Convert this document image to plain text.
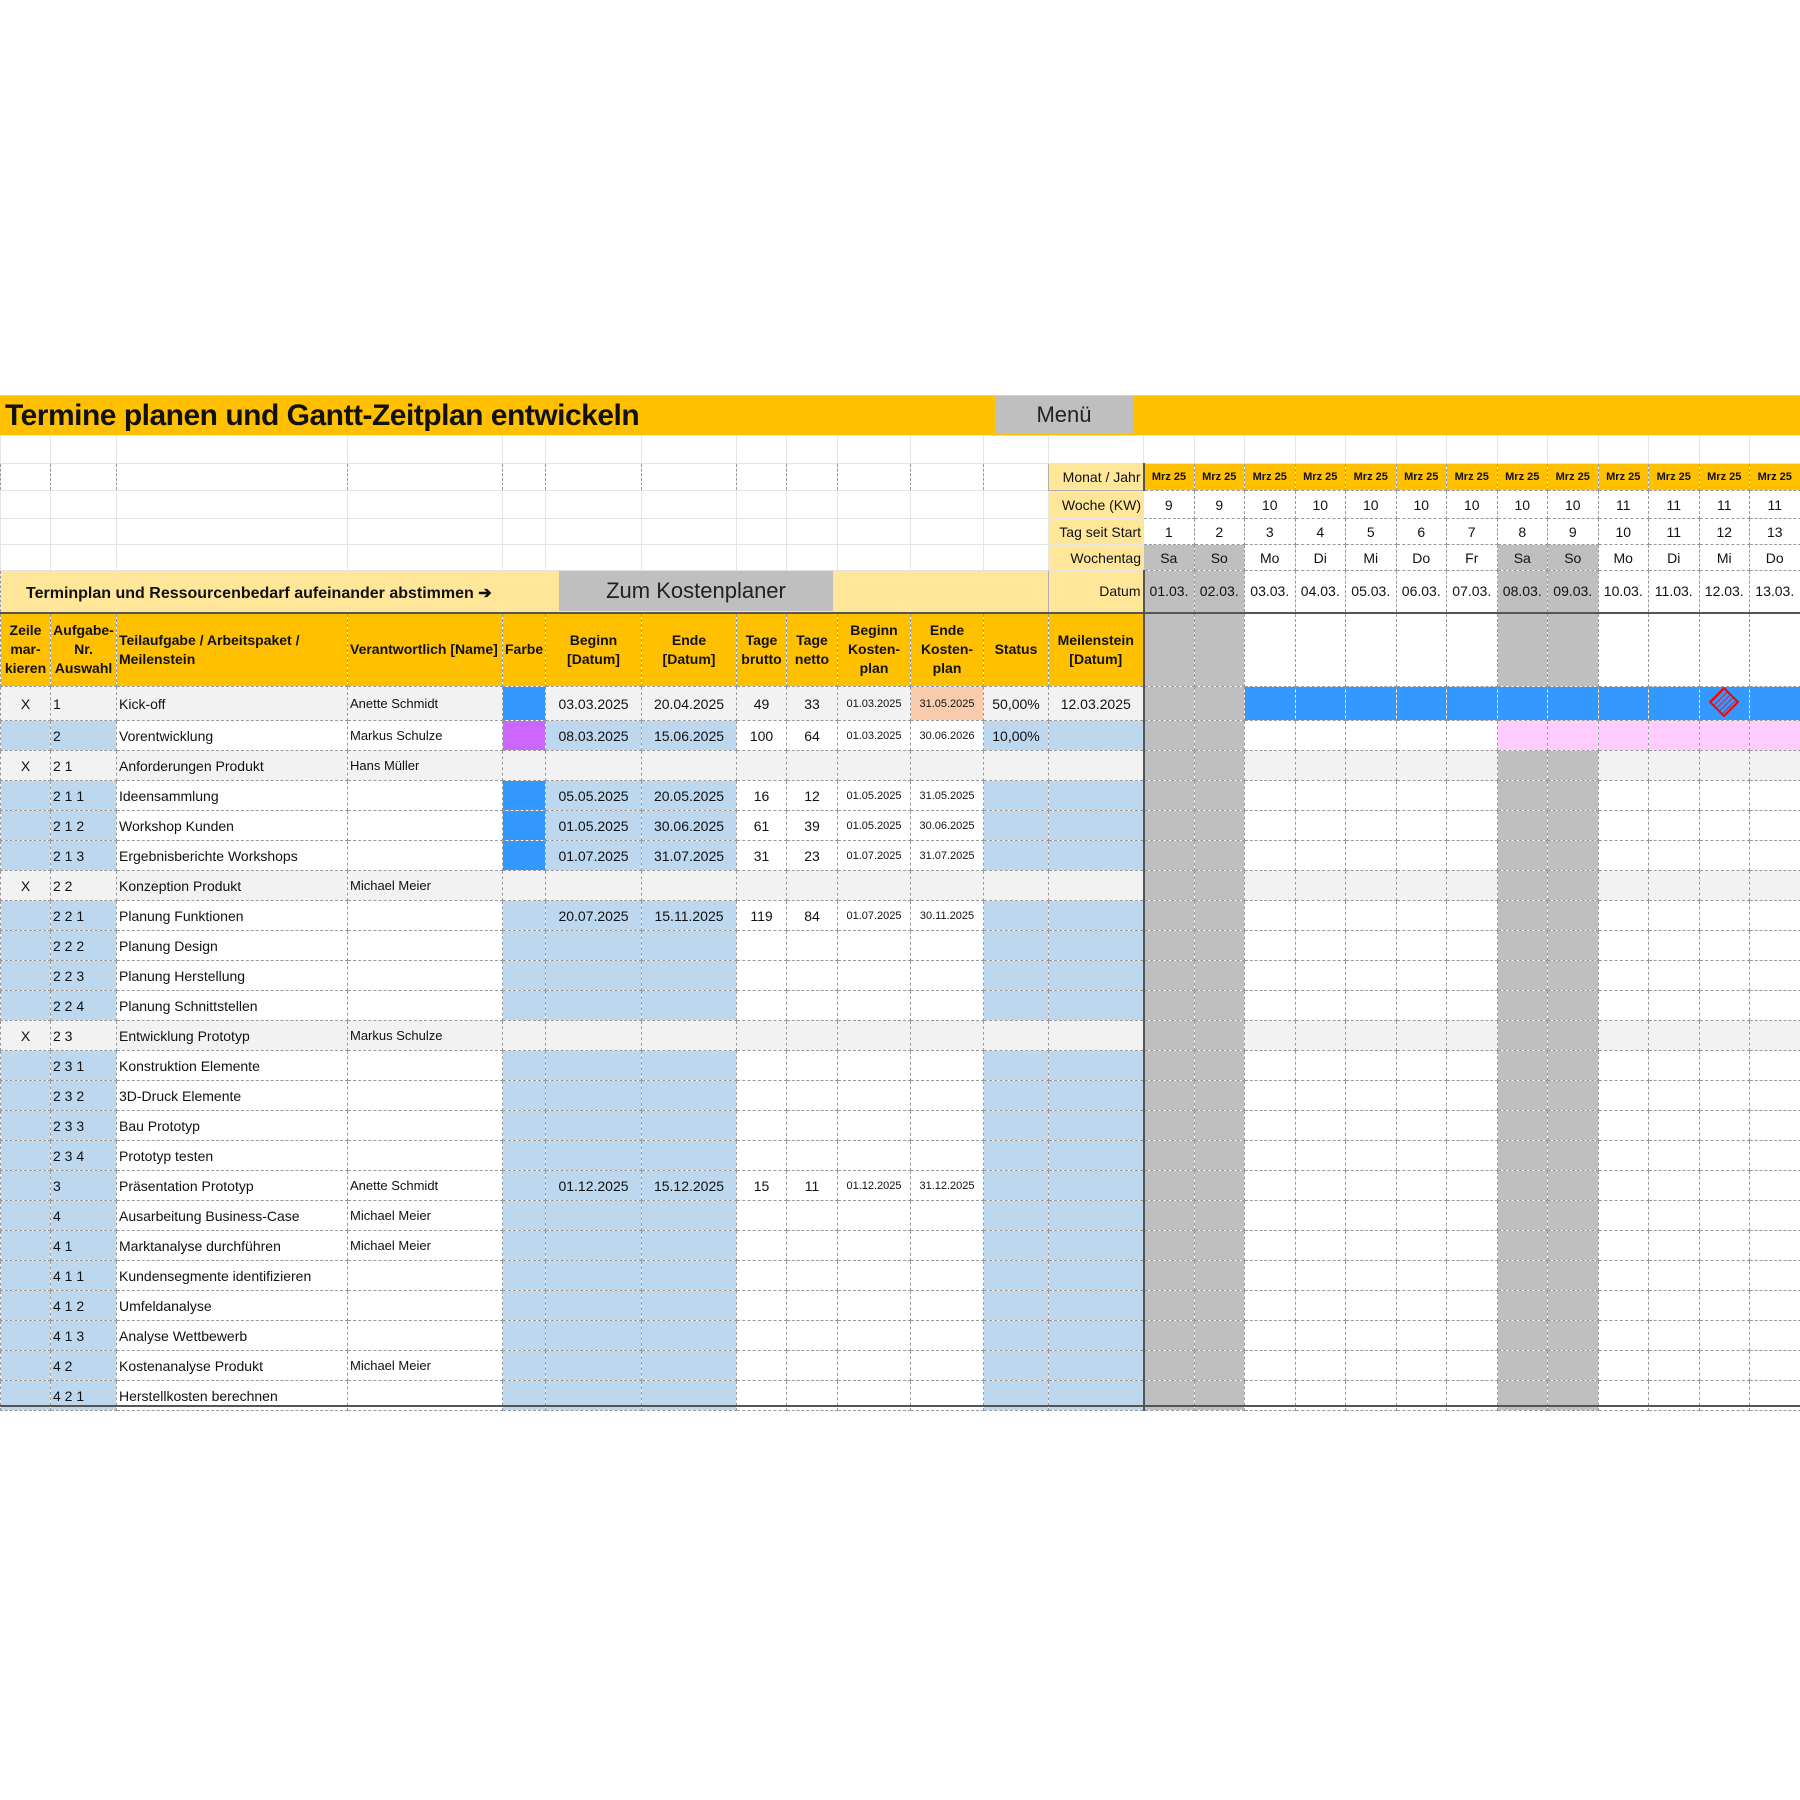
Termine planen und Gantt-Zeitplan entwickeln	Menü

												Monat / Jahr	Mrz 25	Mrz 25	Mrz 25	Mrz 25	Mrz 25	Mrz 25	Mrz 25	Mrz 25	Mrz 25	Mrz 25	Mrz 25	Mrz 25	Mrz 25
												Woche (KW)	9	9	10	10	10	10	10	10	10	11	11	11	11
												Tag seit Start	1	2	3	4	5	6	7	8	9	10	11	12	13
												Wochentag	Sa	So	Mo	Di	Mi	Do	Fr	Sa	So	Mo	Di	Mi	Do

Terminplan und Ressourcenbedarf aufeinander abstimmen ➔ Zum Kostenplaner												Datum	01.03.	02.03.	03.03.	04.03.	05.03.	06.03.	07.03.	08.03.	09.03.	10.03.	11.03.	12.03.	13.03.
Zeile mar- kieren	Aufgabe- Nr. Auswahl	Teilaufgabe / Arbeitspaket / Meilenstein	Verantwortlich [Name]	Farbe	Beginn [Datum]	Ende [Datum]	Tage brutto	Tage netto	Beginn Kosten- plan	Ende Kosten- plan	Status	Meilenstein [Datum]													
X	1	Kick-off	Anette Schmidt		03.03.2025	20.04.2025	49	33	01.03.2025	31.05.2025	50,00%	12.03.2025													
	2	Vorentwicklung	Markus Schulze		08.03.2025	15.06.2025	100	64	01.03.2025	30.06.2026	10,00%														
X	2 1	Anforderungen Produkt	Hans Müller																						
	2 1 1	Ideensammlung			05.05.2025	20.05.2025	16	12	01.05.2025	31.05.2025															
	2 1 2	Workshop Kunden			01.05.2025	30.06.2025	61	39	01.05.2025	30.06.2025															
	2 1 3	Ergebnisberichte Workshops			01.07.2025	31.07.2025	31	23	01.07.2025	31.07.2025															
X	2 2	Konzeption Produkt	Michael Meier																						
	2 2 1	Planung Funktionen			20.07.2025	15.11.2025	119	84	01.07.2025	30.11.2025															
	2 2 2	Planung Design																							
	2 2 3	Planung Herstellung																							
	2 2 4	Planung Schnittstellen																							
X	2 3	Entwicklung Prototyp	Markus Schulze																						
	2 3 1	Konstruktion Elemente																							
	2 3 2	3D-Druck Elemente																							
	2 3 3	Bau Prototyp																							
	2 3 4	Prototyp testen																							
	3	Präsentation Prototyp	Anette Schmidt		01.12.2025	15.12.2025	15	11	01.12.2025	31.12.2025															
	4	Ausarbeitung Business-Case	Michael Meier																						
	4 1	Marktanalyse durchführen	Michael Meier																						
	4 1 1	Kundensegmente identifizieren																							
	4 1 2	Umfeldanalyse																							
	4 1 3	Analyse Wettbewerb																							
	4 2	Kostenanalyse Produkt	Michael Meier																						
	4 2 1	Herstellkosten berechnen																							
